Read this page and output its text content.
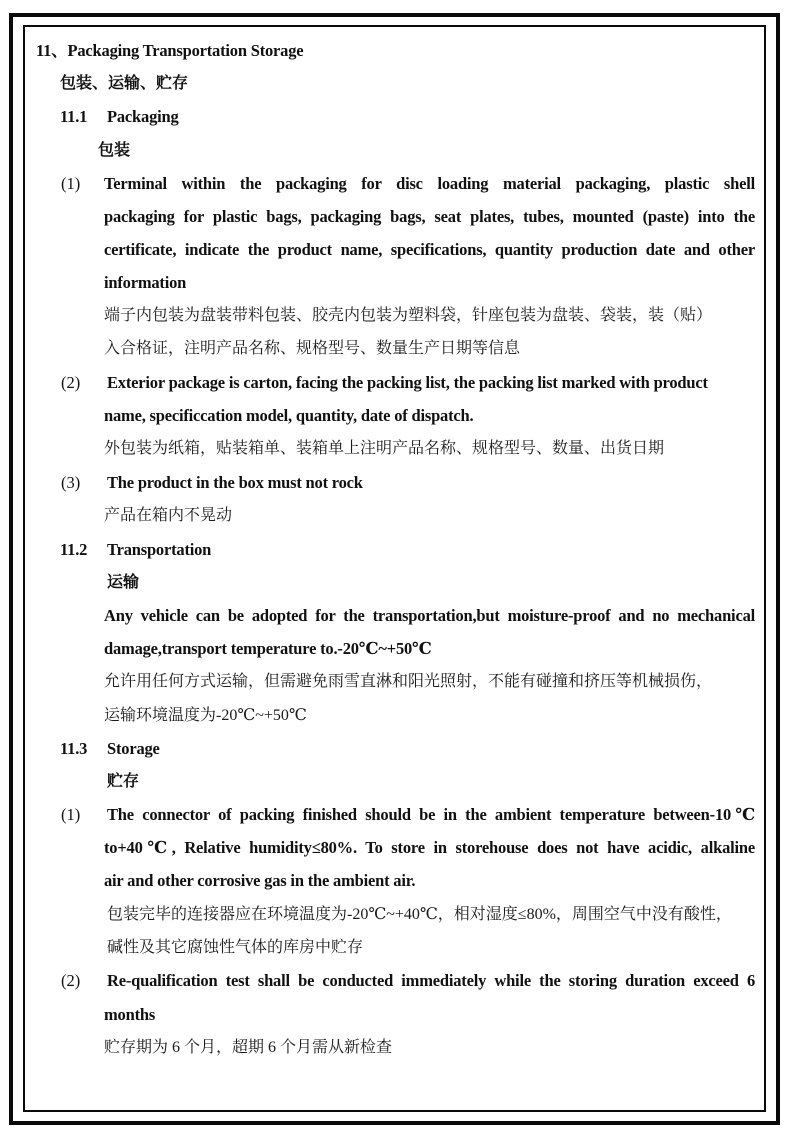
11、Packaging Transportation Storage
包装、运输、贮存
11.1 Packaging
包装
(1) Terminal within the packaging for disc loading material packaging, plastic shell
packaging for plastic bags, packaging bags, seat plates, tubes, mounted (paste) into the
certificate, indicate the product name, specifications, quantity production date and other
information
端子内包装为盘装带料包装、胶壳内包装为塑料袋，针座包装为盘装、袋装，装（贴）
入合格证，注明产品名称、规格型号、数量生产日期等信息
(2) Exterior package is carton, facing the packing list, the packing list marked with product
name, specificcation model, quantity, date of dispatch.
外包装为纸箱，贴装箱单、装箱单上注明产品名称、规格型号、数量、出货日期
(3) The product in the box must not rock
产品在箱内不晃动
11.2 Transportation
运输
Any vehicle can be adopted for the transportation,but moisture-proof and no mechanical
damage,transport temperature to.-20℃~+50℃
允许用任何方式运输，但需避免雨雪直淋和阳光照射，不能有碰撞和挤压等机械损伤，
运输环境温度为-20℃~+50℃
11.3 Storage
贮存
(1) The connector of packing finished should be in the ambient temperature between-10℃
to+40℃, Relative humidity≤80%. To store in storehouse does not have acidic, alkaline
air and other corrosive gas in the ambient air.
包装完毕的连接器应在环境温度为-20℃~+40℃，相对湿度≤80%，周围空气中没有酸性，
碱性及其它腐蚀性气体的库房中贮存
(2) Re-qualification test shall be conducted immediately while the storing duration exceed 6
months
贮存期为 6 个月，超期 6 个月需从新检查
